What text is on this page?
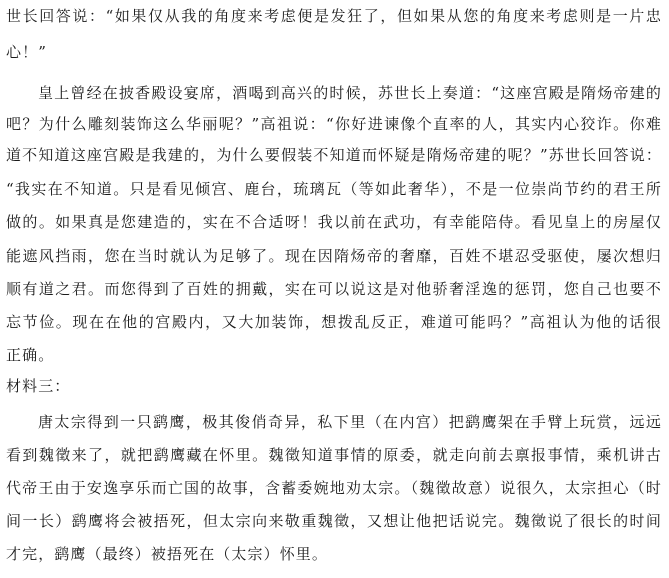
世长回答说：“如果仅从我的角度来考虑便是发狂了，但如果从您的角度来考虑则是一片忠
心！”
皇上曾经在披香殿设宴席，酒喝到高兴的时候，苏世长上奏道：“这座宫殿是隋炀帝建的
吧？为什么雕刻装饰这么华丽呢？”高祖说：“你好进谏像个直率的人，其实内心狡诈。你难
道不知道这座宫殿是我建的，为什么要假装不知道而怀疑是隋炀帝建的呢？”苏世长回答说：
“我实在不知道。只是看见倾宫、鹿台，琉璃瓦（等如此奢华），不是一位崇尚节约的君王所
做的。如果真是您建造的，实在不合适呀！我以前在武功，有幸能陪侍。看见皇上的房屋仅
能遮风挡雨，您在当时就认为足够了。现在因隋炀帝的奢靡，百姓不堪忍受驱使，屡次想归
顺有道之君。而您得到了百姓的拥戴，实在可以说这是对他骄奢淫逸的惩罚，您自己也要不
忘节俭。现在在他的宫殿内，又大加装饰，想拨乱反正，难道可能吗？”高祖认为他的话很
正确。
材料三：
唐太宗得到一只鹞鹰，极其俊俏奇异，私下里（在内宫）把鹞鹰架在手臂上玩赏，远远
看到魏徵来了，就把鹞鹰藏在怀里。魏徵知道事情的原委，就走向前去禀报事情，乘机讲古
代帝王由于安逸享乐而亡国的故事，含蓄委婉地劝太宗。（魏徵故意）说很久，太宗担心（时
间一长）鹞鹰将会被捂死，但太宗向来敬重魏徵，又想让他把话说完。魏徵说了很长的时间
才完，鹞鹰（最终）被捂死在（太宗）怀里。
